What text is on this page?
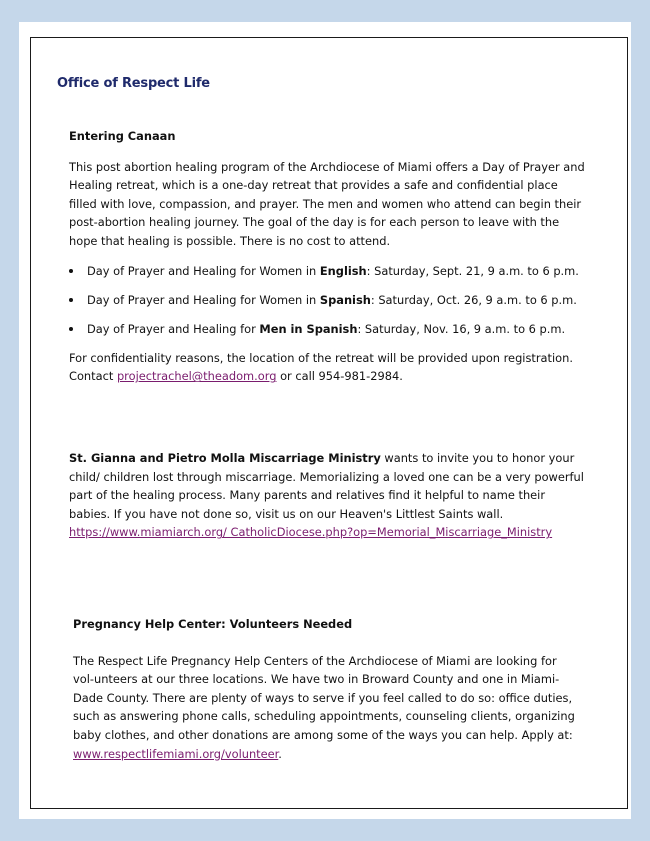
Office of Respect Life

Entering Canaan

This post abortion healing program of the Archdiocese of Miami offers a Day of Prayer and Healing retreat, which is a one-day retreat that provides a safe and confidential place filled with love, compassion, and prayer. The men and women who attend can begin their post-abortion healing journey. The goal of the day is for each person to leave with the hope that healing is possible. There is no cost to attend.

Day of Prayer and Healing for Women in English: Saturday, Sept. 21, 9 a.m. to 6 p.m.
Day of Prayer and Healing for Women in Spanish: Saturday, Oct. 26, 9 a.m. to 6 p.m.
Day of Prayer and Healing for Men in Spanish: Saturday, Nov. 16, 9 a.m. to 6 p.m.

For confidentiality reasons, the location of the retreat will be provided upon registration. Contact projectrachel@theadom.org or call 954-981-2984.

St. Gianna and Pietro Molla Miscarriage Ministry wants to invite you to honor your child/ children lost through miscarriage. Memorializing a loved one can be a very powerful part of the healing process. Many parents and relatives find it helpful to name their babies. If you have not done so, visit us on our Heaven's Littlest Saints wall. https://www.miamiarch.org/ CatholicDiocese.php?op=Memorial_Miscarriage_Ministry

Pregnancy Help Center: Volunteers Needed

The Respect Life Pregnancy Help Centers of the Archdiocese of Miami are looking for vol-unteers at our three locations. We have two in Broward County and one in Miami-Dade County. There are plenty of ways to serve if you feel called to do so: office duties, such as answering phone calls, scheduling appointments, counseling clients, organizing baby clothes, and other donations are among some of the ways you can help. Apply at: www.respectlifemiami.org/volunteer.
